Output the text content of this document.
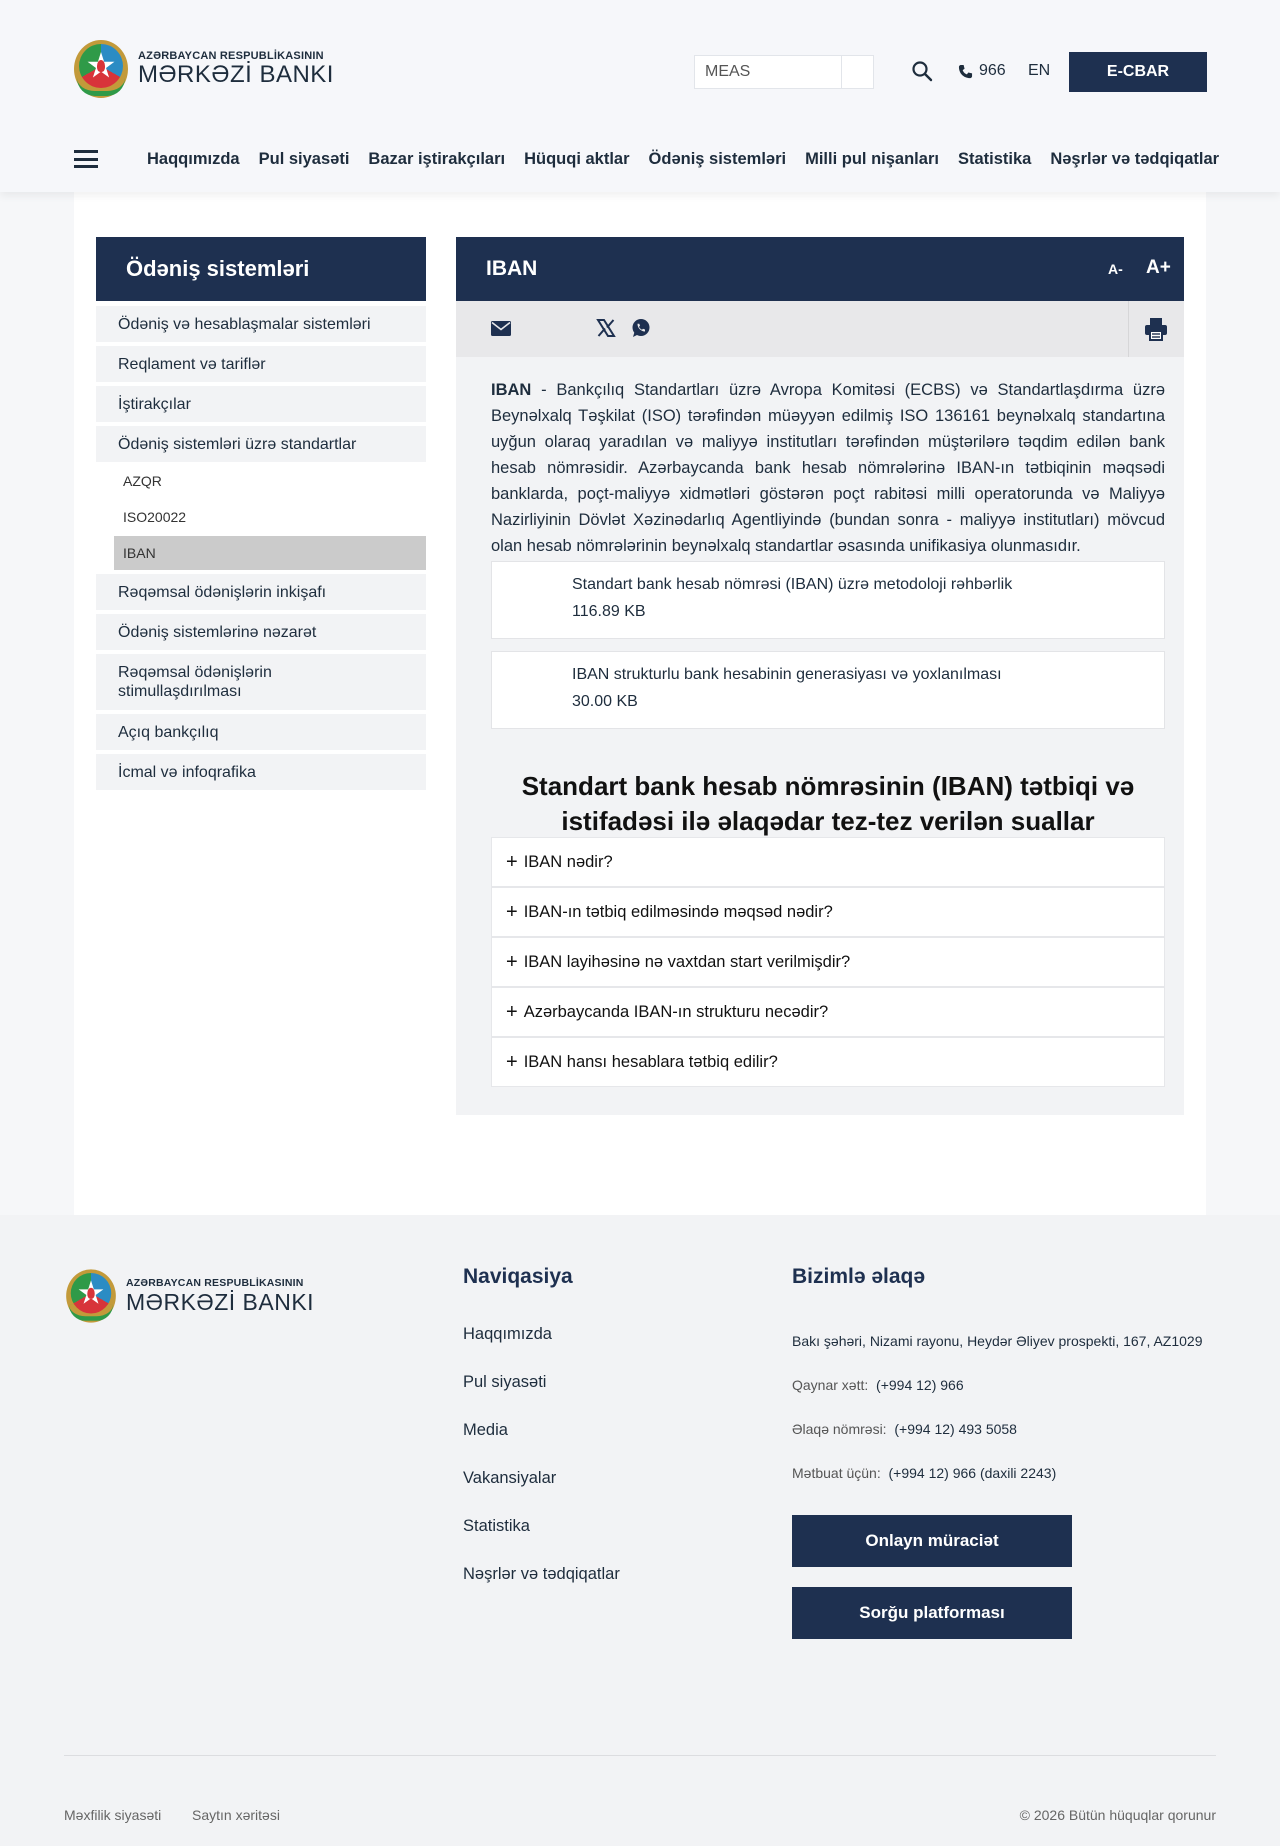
AZƏRBAYCAN RESPUBLİKASININ
MƏRKƏZİ BANKI
MEAS	966 EN	E-CBAR
Haqqımızda Pul siyasəti Bazar iştirakçıları Hüquqi aktlar Ödəniş sistemləri Milli pul nişanları Statistika Nəşrlər və tədqiqatlar
Ödəniş sistemləri
Ödəniş və hesablaşmalar sistemləri
Reqlament və tariflər
İştirakçılar
Ödəniş sistemləri üzrə standartlar
AZQR
ISO20022
IBAN
Rəqəmsal ödənişlərin inkişafı
Ödəniş sistemlərinə nəzarət
Rəqəmsal ödənişlərin stimullaşdırılması
Açıq bankçılıq
İcmal və infoqrafika
IBAN	A- A+
IBAN - Bankçılıq Standartları üzrə Avropa Komitəsi (ECBS) və Standartlaşdırma üzrə Beynəlxalq Təşkilat (ISO) tərəfindən müəyyən edilmiş ISO 136161 beynəlxalq standartına uyğun olaraq yaradılan və maliyyə institutları tərəfindən müştərilərə təqdim edilən bank hesab nömrəsidir. Azərbaycanda bank hesab nömrələrinə IBAN-ın tətbiqinin məqsədi banklarda, poçt-maliyyə xidmətləri göstərən poçt rabitəsi milli operatorunda və Maliyyə Nazirliyinin Dövlət Xəzinədarlıq Agentliyində (bundan sonra - maliyyə institutları) mövcud olan hesab nömrələrinin beynəlxalq standartlar əsasında unifikasiya olunmasıdır.
Standart bank hesab nömrəsi (IBAN) üzrə metodoloji rəhbərlik
116.89 KB
IBAN strukturlu bank hesabinin generasiyası və yoxlanılması
30.00 KB
Standart bank hesab nömrəsinin (IBAN) tətbiqi və istifadəsi ilə əlaqədar tez-tez verilən suallar
+ IBAN nədir?
+ IBAN-ın tətbiq edilməsində məqsəd nədir?
+ IBAN layihəsinə nə vaxtdan start verilmişdir?
+ Azərbaycanda IBAN-ın strukturu necədir?
+ IBAN hansı hesablara tətbiq edilir?
AZƏRBAYCAN RESPUBLİKASININ
MƏRKƏZİ BANKI
Naviqasiya
Haqqımızda
Pul siyasəti
Media
Vakansiyalar
Statistika
Nəşrlər və tədqiqatlar
Bizimlə əlaqə
Bakı şəhəri, Nizami rayonu, Heydər Əliyev prospekti, 167, AZ1029
Qaynar xətt: (+994 12) 966
Əlaqə nömrəsi: (+994 12) 493 5058
Mətbuat üçün: (+994 12) 966 (daxili 2243)
Onlayn müraciət
Sorğu platforması
Məxfilik siyasəti Saytın xəritəsi	© 2026 Bütün hüquqlar qorunur
